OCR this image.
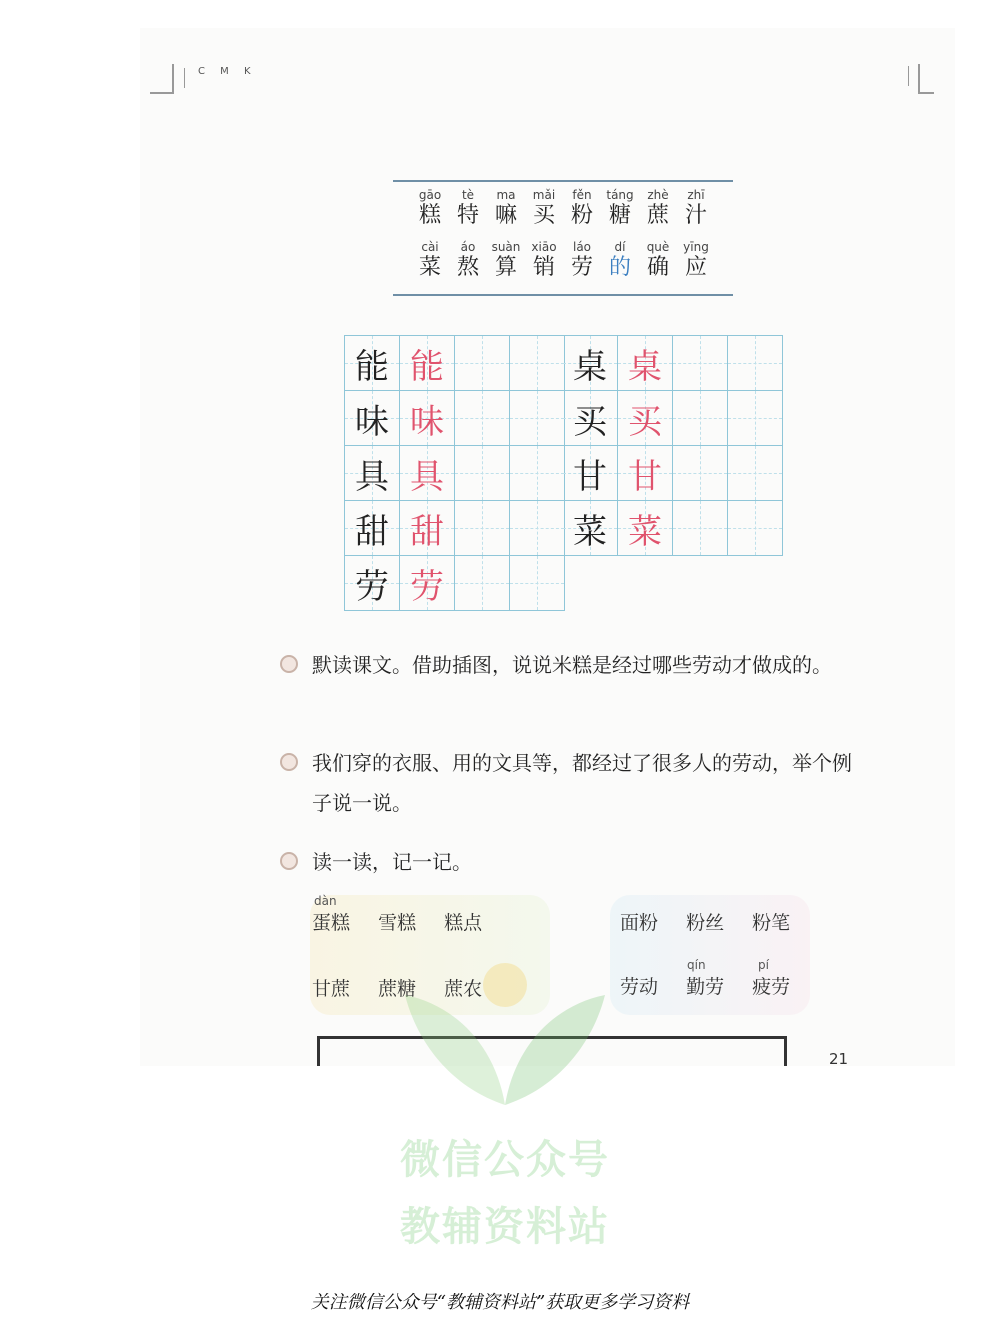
C M K
gāo
糕
tè
特
ma
嘛
mǎi
买
fěn
粉
táng
糖
zhè
蔗
zhī
汁
cài
菜
áo
熬
suàn
算
xiāo
销
láo
劳
dí
的
què
确
yīng
应
能 能
味 味
具 具
甜 甜
劳 劳
桌 桌
买 买
甘 甘
菜 菜
默读课文。借助插图，说说米糕是经过哪些劳动才做成的。
我们穿的衣服、用的文具等，都经过了很多人的劳动，举个例子说一说。
读一读，记一记。
dàn
蛋糕 雪糕 糕点	面粉 粉丝 粉笔
甘蔗 蔗糖 蔗农
qín	pí
劳动 勤劳 疲劳
21
微信公众号
教辅资料站
关注微信公众号“教辅资料站”获取更多学习资料
